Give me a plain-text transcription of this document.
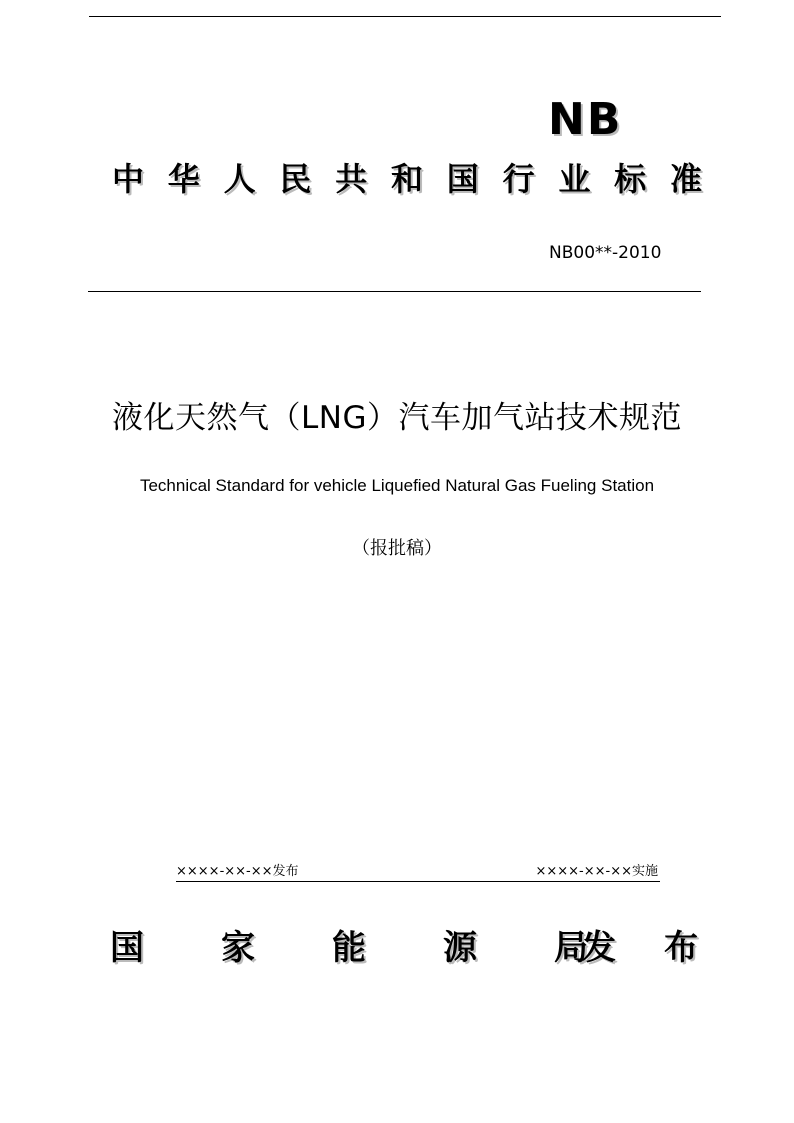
NB
中 华 人 民 共 和 国 行 业 标 准
NB00**-2010
液化天然气（LNG）汽车加气站技术规范
Technical Standard for vehicle Liquefied Natural Gas Fueling Station
（报批稿）
××××-××-××发布	××××-××-××实施
国 家 能 源 局
发 布
